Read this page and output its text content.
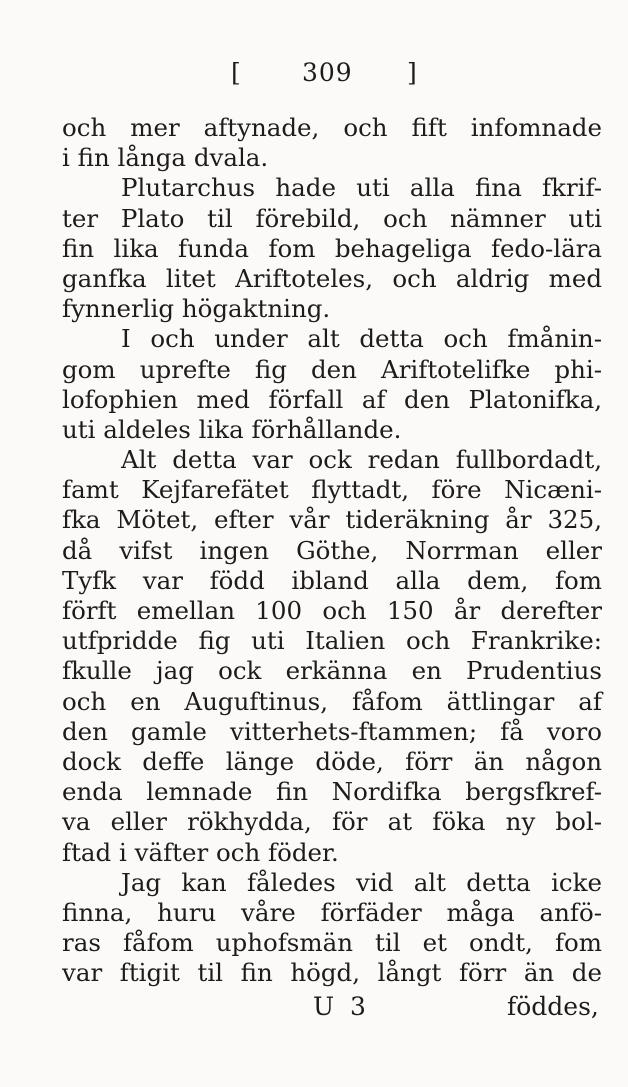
[ 309 ]
och mer aftynade, och fift infomnade
i fin långa dvala.
Plutarchus hade uti alla fina fkrif-
ter Plato til förebild, och nämner uti
fin lika funda fom behageliga fedo-lära
ganfka litet Ariftoteles, och aldrig med
fynnerlig högaktning.
I och under alt detta och fmånin-
gom uprefte fig den Ariftotelifke phi-
lofophien med förfall af den Platonifka,
uti aldeles lika förhållande.
Alt detta var ock redan fullbordadt,
famt Kejfarefätet flyttadt, före Nicæni-
fka Mötet, efter vår tideräkning år 325,
då vifst ingen Göthe, Norrman eller
Tyfk var född ibland alla dem, fom
förft emellan 100 och 150 år derefter
utfpridde fig uti Italien och Frankrike:
fkulle jag ock erkänna en Prudentius
och en Auguftinus, fåfom ättlingar af
den gamle vitterhets-ftammen; få voro
dock deffe länge döde, förr än någon
enda lemnade fin Nordifka bergsfkref-
va eller rökhydda, för at föka ny bol-
ftad i väfter och föder.
Jag kan fåledes vid alt detta icke
finna, huru våre förfäder måga anfö-
ras fåfom uphofsmän til et ondt, fom
var ftigit til fin högd, långt förr än de
U 3	föddes,
